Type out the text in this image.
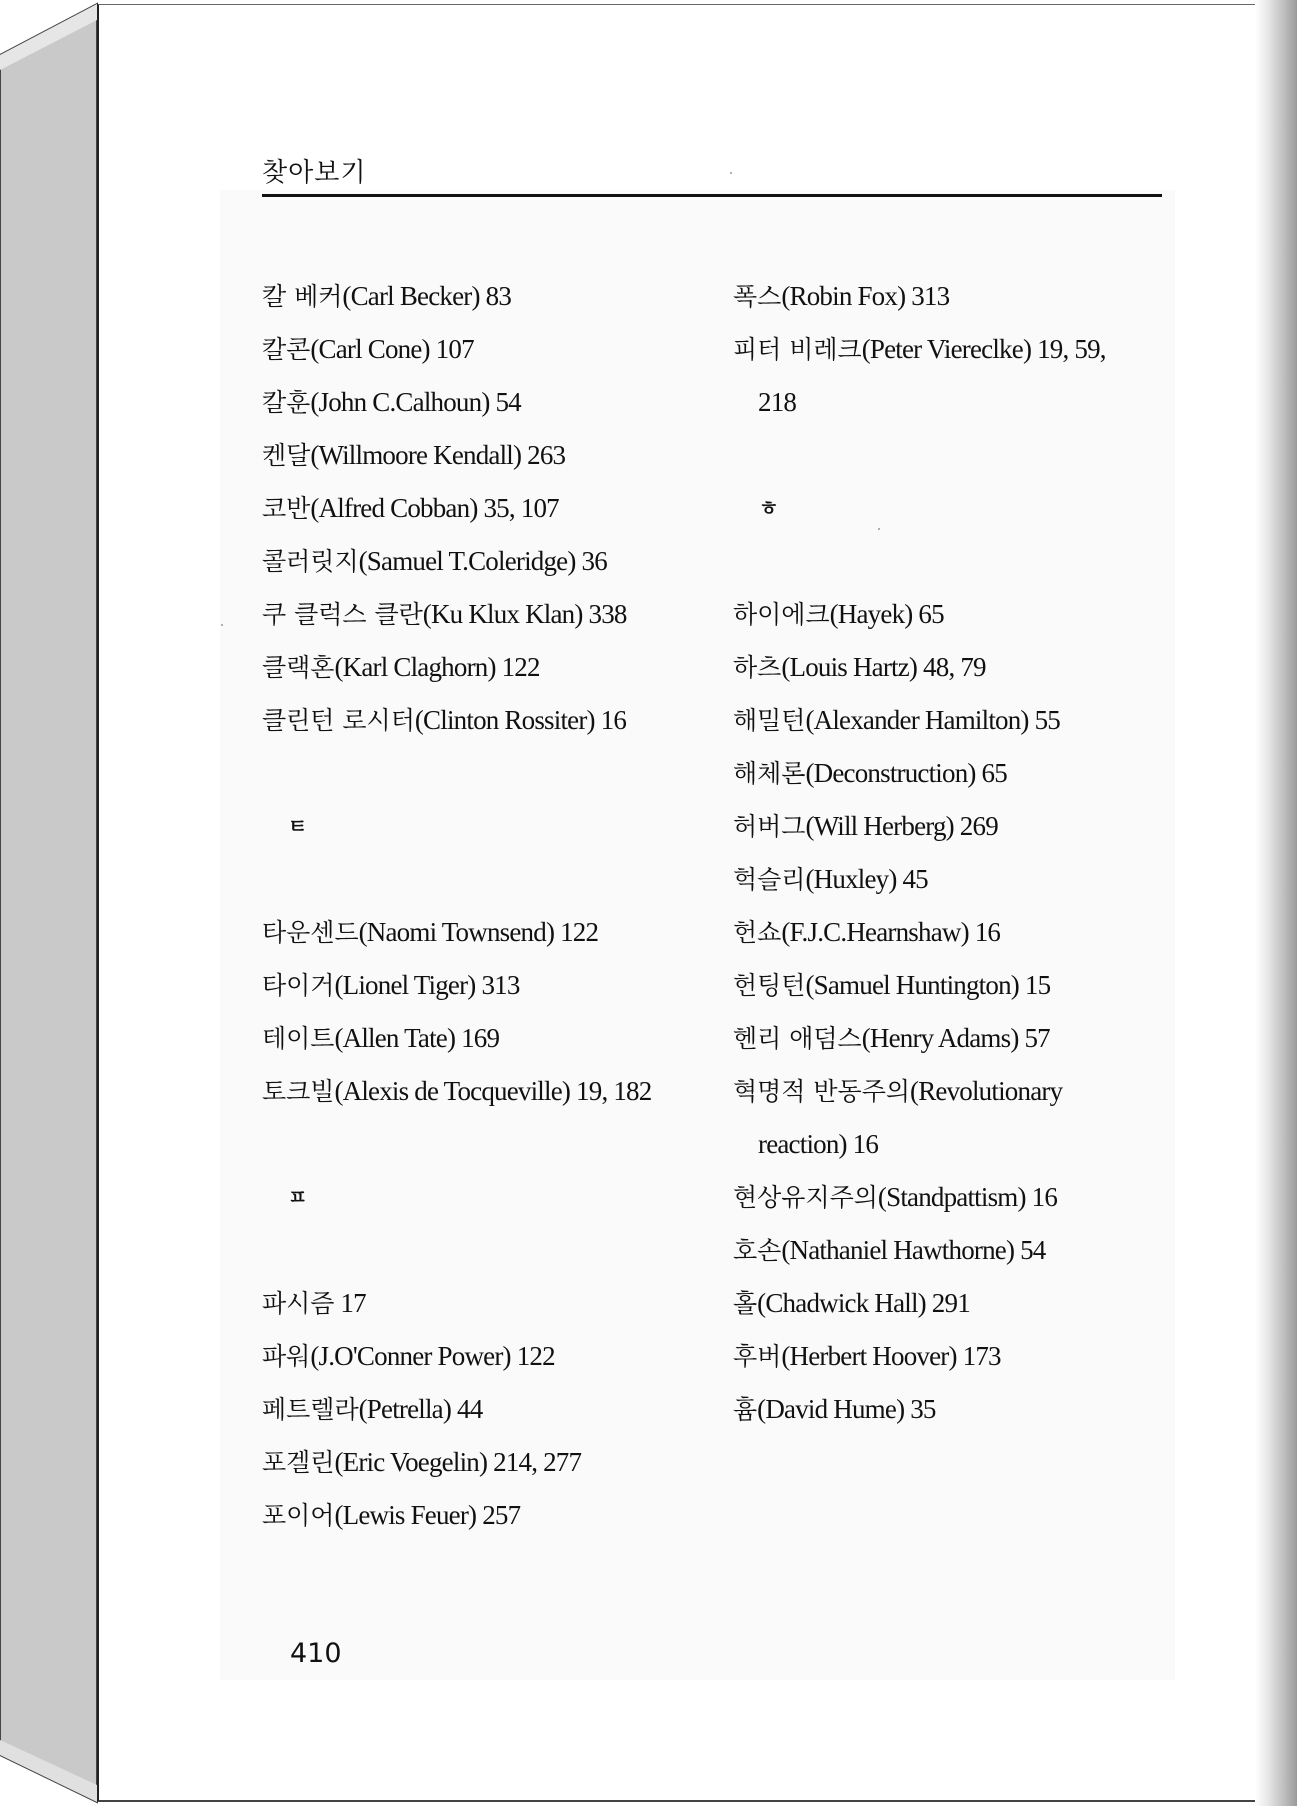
찾아보기
칼 베커(Carl Becker) 83
칼콘(Carl Cone) 107
칼훈(John C.Calhoun) 54
켄달(Willmoore Kendall) 263
코반(Alfred Cobban) 35, 107
콜러릿지(Samuel T.Coleridge) 36
쿠 클럭스 클란(Ku Klux Klan) 338
클랙혼(Karl Claghorn) 122
클린턴 로시터(Clinton Rossiter) 16
ㅌ
타운센드(Naomi Townsend) 122
타이거(Lionel Tiger) 313
테이트(Allen Tate) 169
토크빌(Alexis de Tocqueville) 19, 182
ㅍ
파시즘 17
파워(J.O'Conner Power) 122
페트렐라(Petrella) 44
포겔린(Eric Voegelin) 214, 277
포이어(Lewis Feuer) 257
폭스(Robin Fox) 313
피터 비레크(Peter Viereclke) 19, 59,
218
ㅎ
하이에크(Hayek) 65
하츠(Louis Hartz) 48, 79
해밀턴(Alexander Hamilton) 55
해체론(Deconstruction) 65
허버그(Will Herberg) 269
헉슬리(Huxley) 45
헌쇼(F.J.C.Hearnshaw) 16
헌팅턴(Samuel Huntington) 15
헨리 애덤스(Henry Adams) 57
혁명적 반동주의(Revolutionary
reaction) 16
현상유지주의(Standpattism) 16
호손(Nathaniel Hawthorne) 54
홀(Chadwick Hall) 291
후버(Herbert Hoover) 173
흄(David Hume) 35
410
